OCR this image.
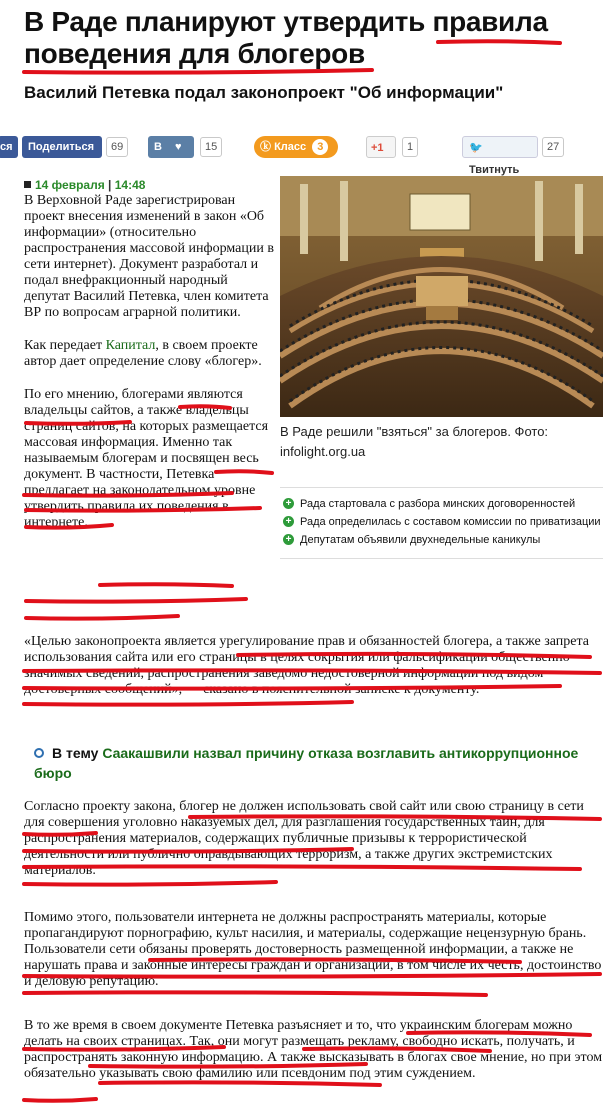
В Раде планируют утвердить правила поведения для блогеров
Василий Петевка подал законопроект "Об информации"
ся	Поделиться	69	В ♥	15	ⓚ Класс 3	+1	1	🐦 Твитнуть
27
14 февраля | 14:48

В Верховной Раде зарегистрирован проект внесения изменений в закон «Об информации» (относительно распространения массовой информации в сети интернет). Документ разработал и подал внефракционный народный депутат Василий Петевка, член комитета ВР по вопросам аграрной политики.

Как передает Капитал, в своем проекте автор дает определение слову «блогер».

По его мнению, блогерами являются владельцы сайтов, а также владельцы страниц сайтов, на которых размещается массовая информация. Именно так называемым блогерам и посвящен весь документ. В частности, Петевка предлагает на законодательном уровне утвердить правила их поведения в интернете.

В Раде решили "взяться" за блогеров. Фото: infolight.org.ua
+ Рада стартовала с разбора минских договоренностей
+ Рада определилась с составом комиссии по приватизации
+ Депутатам объявили двухнедельные каникулы

«Целью законопроекта является урегулирование прав и обязанностей блогера, а также запрета использования сайта или его страницы в целях сокрытия или фальсификации общественно значимых сведений, распространения заведомо недостоверной информации под видом достоверных сообщений», — сказано в пояснительной записке к документу.

В тему Саакашвили назвал причину отказа возглавить антикоррупционное бюро

Согласно проекту закона, блогер не должен использовать свой сайт или свою страницу в сети для совершения уголовно наказуемых дел, для разглашения государственных тайн, для распространения материалов, содержащих публичные призывы к террористической деятельности или публично оправдывающих терроризм, а также других экстремистских материалов.

Помимо этого, пользователи интернета не должны распространять материалы, которые пропагандируют порнографию, культ насилия, и материалы, содержащие нецензурную брань. Пользователи сети обязаны проверять достоверность размещенной информации, а также не нарушать права и законные интересы граждан и организации, в том числе их честь, достоинство и деловую репутацию.

В то же время в своем документе Петевка разъясняет и то, что украинским блогерам можно делать на своих страницах. Так, они могут размещать рекламу, свободно искать, получать, и распространять законную информацию. А также высказывать в блогах свое мнение, но при этом обязательно указывать свою фамилию или псевдоним под этим суждением.
